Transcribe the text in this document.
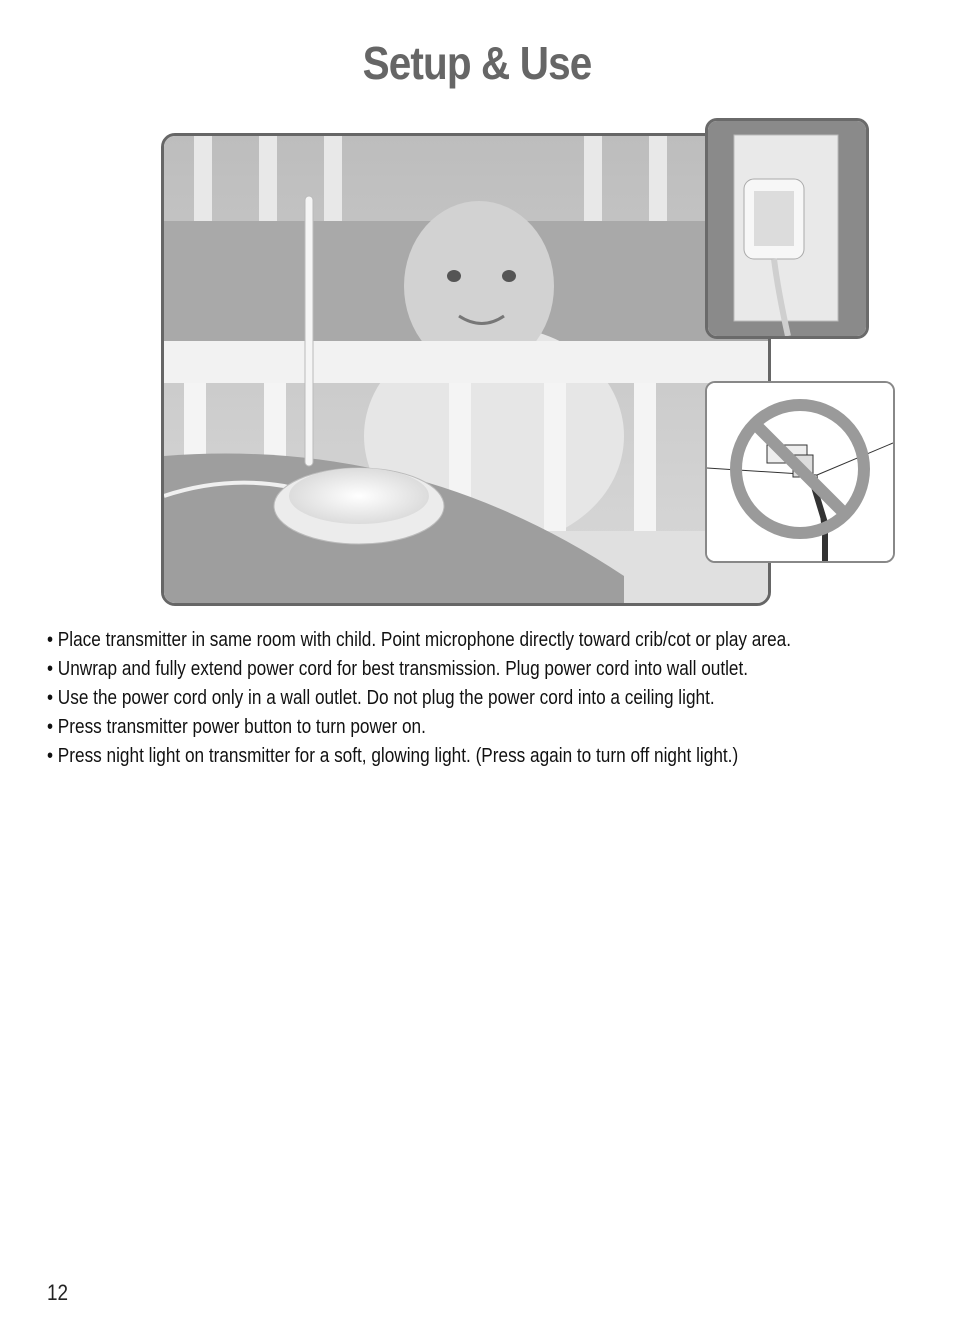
Setup & Use
• Place transmitter in same room with child. Point microphone directly toward crib/cot or play area.
• Unwrap and fully extend power cord for best transmission. Plug power cord into wall outlet.
• Use the power cord only in a wall outlet. Do not plug the power cord into a ceiling light.
• Press transmitter power button to turn power on.
• Press night light on transmitter for a soft, glowing light. (Press again to turn off night light.)
12
